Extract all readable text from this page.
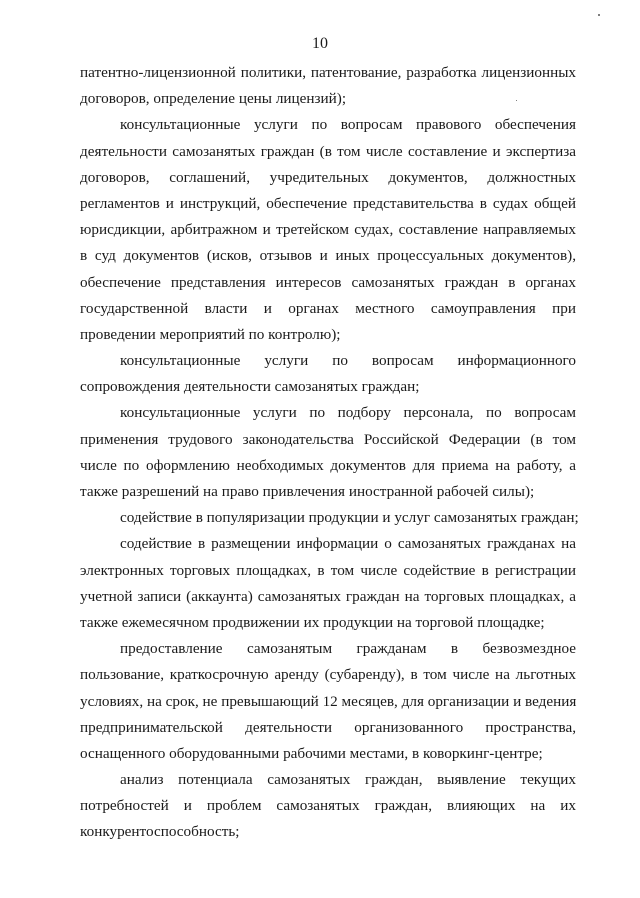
10
патентно-лицензионной политики, патентование, разработка лицензионных
договоров, определение цены лицензий);
консультационные услуги по вопросам правового обеспечения
деятельности самозанятых граждан (в том числе составление и экспертиза
договоров, соглашений, учредительных документов, должностных
регламентов и инструкций, обеспечение представительства в судах общей
юрисдикции, арбитражном и третейском судах, составление направляемых
в суд документов (исков, отзывов и иных процессуальных документов),
обеспечение представления интересов самозанятых граждан в органах
государственной власти и органах местного самоуправления при
проведении мероприятий по контролю);
консультационные услуги по вопросам информационного
сопровождения деятельности самозанятых граждан;
консультационные услуги по подбору персонала, по вопросам
применения трудового законодательства Российской Федерации (в том
числе по оформлению необходимых документов для приема на работу, а
также разрешений на право привлечения иностранной рабочей силы);
содействие в популяризации продукции и услуг самозанятых граждан;
содействие в размещении информации о самозанятых гражданах на
электронных торговых площадках, в том числе содействие в регистрации
учетной записи (аккаунта) самозанятых граждан на торговых площадках, а
также ежемесячном продвижении их продукции на торговой площадке;
предоставление самозанятым гражданам в безвозмездное
пользование, краткосрочную аренду (субаренду), в том числе на льготных
условиях, на срок, не превышающий 12 месяцев, для организации и ведения
предпринимательской деятельности организованного пространства,
оснащенного оборудованными рабочими местами, в коворкинг-центре;
анализ потенциала самозанятых граждан, выявление текущих
потребностей и проблем самозанятых граждан, влияющих на их
конкурентоспособность;
